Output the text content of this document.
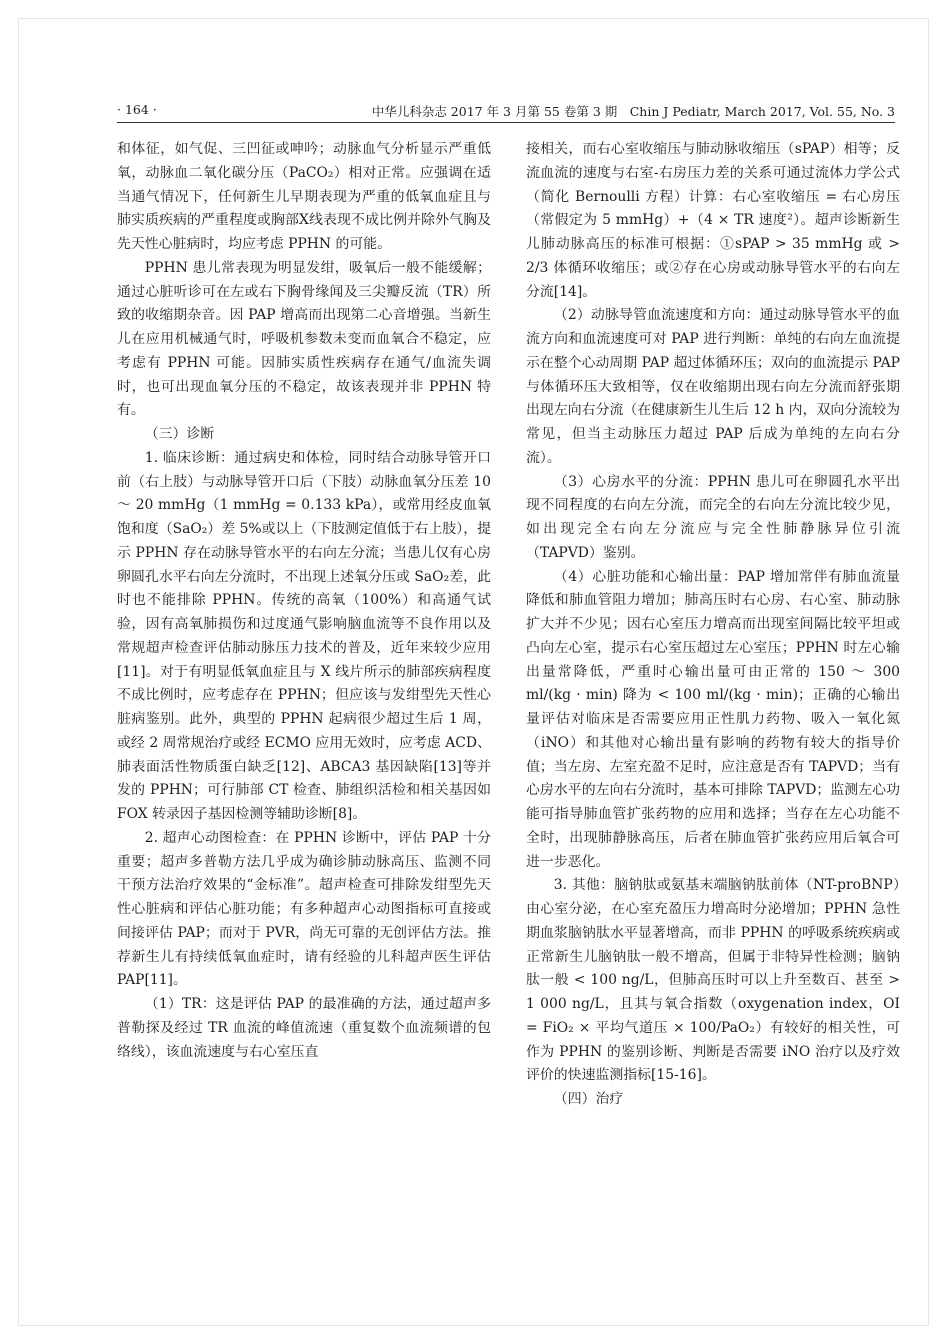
· 164 ·	中华儿科杂志 2017 年 3 月第 55 卷第 3 期　Chin J Pediatr, March 2017, Vol. 55, No. 3

和体征，如气促、三凹征或呻吟；动脉血气分析显示严重低氧，动脉血二氧化碳分压（PaCO₂）相对正常。应强调在适当通气情况下，任何新生儿早期表现为严重的低氧血症且与肺实质疾病的严重程度或胸部X线表现不成比例并除外气胸及先天性心脏病时，均应考虑 PPHN 的可能。

PPHN 患儿常表现为明显发绀，吸氧后一般不能缓解；通过心脏听诊可在左或右下胸骨缘闻及三尖瓣反流（TR）所致的收缩期杂音。因 PAP 增高而出现第二心音增强。当新生儿在应用机械通气时，呼吸机参数未变而血氧合不稳定，应考虑有 PPHN 可能。因肺实质性疾病存在通气/血流失调时，也可出现血氧分压的不稳定，故该表现并非 PPHN 特有。

（三）诊断

1. 临床诊断：通过病史和体检，同时结合动脉导管开口前（右上肢）与动脉导管开口后（下肢）动脉血氧分压差 10 ～ 20 mmHg（1 mmHg = 0.133 kPa），或常用经皮血氧饱和度（SaO₂）差 5%或以上（下肢测定值低于右上肢），提示 PPHN 存在动脉导管水平的右向左分流；当患儿仅有心房卵圆孔水平右向左分流时，不出现上述氧分压或 SaO₂差，此时也不能排除 PPHN。传统的高氧（100%）和高通气试验，因有高氧肺损伤和过度通气影响脑血流等不良作用以及常规超声检查评估肺动脉压力技术的普及，近年来较少应用[11]。对于有明显低氧血症且与 X 线片所示的肺部疾病程度不成比例时，应考虑存在 PPHN；但应该与发绀型先天性心脏病鉴别。此外，典型的 PPHN 起病很少超过生后 1 周，或经 2 周常规治疗或经 ECMO 应用无效时，应考虑 ACD、肺表面活性物质蛋白缺乏[12]、ABCA3 基因缺陷[13]等并发的 PPHN；可行肺部 CT 检查、肺组织活检和相关基因如 FOX 转录因子基因检测等辅助诊断[8]。

2. 超声心动图检查：在 PPHN 诊断中，评估 PAP 十分重要；超声多普勒方法几乎成为确诊肺动脉高压、监测不同干预方法治疗效果的“金标准”。超声检查可排除发绀型先天性心脏病和评估心脏功能；有多种超声心动图指标可直接或间接评估 PAP；而对于 PVR，尚无可靠的无创评估方法。推荐新生儿有持续低氧血症时，请有经验的儿科超声医生评估 PAP[11]。

（1）TR：这是评估 PAP 的最准确的方法，通过超声多普勒探及经过 TR 血流的峰值流速（重复数个血流频谱的包络线），该血流速度与右心室压直

接相关，而右心室收缩压与肺动脉收缩压（sPAP）相等；反流血流的速度与右室-右房压力差的关系可通过流体力学公式（简化 Bernoulli 方程）计算：右心室收缩压 = 右心房压（常假定为 5 mmHg）+（4 × TR 速度²）。超声诊断新生儿肺动脉高压的标准可根据：①sPAP > 35 mmHg 或 > 2/3 体循环收缩压；或②存在心房或动脉导管水平的右向左分流[14]。

（2）动脉导管血流速度和方向：通过动脉导管水平的血流方向和血流速度可对 PAP 进行判断：单纯的右向左血流提示在整个心动周期 PAP 超过体循环压；双向的血流提示 PAP 与体循环压大致相等，仅在收缩期出现右向左分流而舒张期出现左向右分流（在健康新生儿生后 12 h 内，双向分流较为常见，但当主动脉压力超过 PAP 后成为单纯的左向右分流）。

（3）心房水平的分流：PPHN 患儿可在卵圆孔水平出现不同程度的右向左分流，而完全的右向左分流比较少见，如出现完全右向左分流应与完全性肺静脉异位引流（TAPVD）鉴别。

（4）心脏功能和心输出量：PAP 增加常伴有肺血流量降低和肺血管阻力增加；肺高压时右心房、右心室、肺动脉扩大并不少见；因右心室压力增高而出现室间隔比较平坦或凸向左心室，提示右心室压超过左心室压；PPHN 时左心输出量常降低，严重时心输出量可由正常的 150 ～ 300 ml/(kg · min) 降为 < 100 ml/(kg · min)；正确的心输出量评估对临床是否需要应用正性肌力药物、吸入一氧化氮（iNO）和其他对心输出量有影响的药物有较大的指导价值；当左房、左室充盈不足时，应注意是否有 TAPVD；当有心房水平的左向右分流时，基本可排除 TAPVD；监测左心功能可指导肺血管扩张药物的应用和选择；当存在左心功能不全时，出现肺静脉高压，后者在肺血管扩张药应用后氧合可进一步恶化。

3. 其他：脑钠肽或氨基末端脑钠肽前体（NT-proBNP）由心室分泌，在心室充盈压力增高时分泌增加；PPHN 急性期血浆脑钠肽水平显著增高，而非 PPHN 的呼吸系统疾病或正常新生儿脑钠肽一般不增高，但属于非特异性检测；脑钠肽一般 < 100 ng/L，但肺高压时可以上升至数百、甚至 > 1 000 ng/L，且其与氧合指数（oxygenation index，OI = FiO₂ × 平均气道压 × 100/PaO₂）有较好的相关性，可作为 PPHN 的鉴别诊断、判断是否需要 iNO 治疗以及疗效评价的快速监测指标[15-16]。

（四）治疗
